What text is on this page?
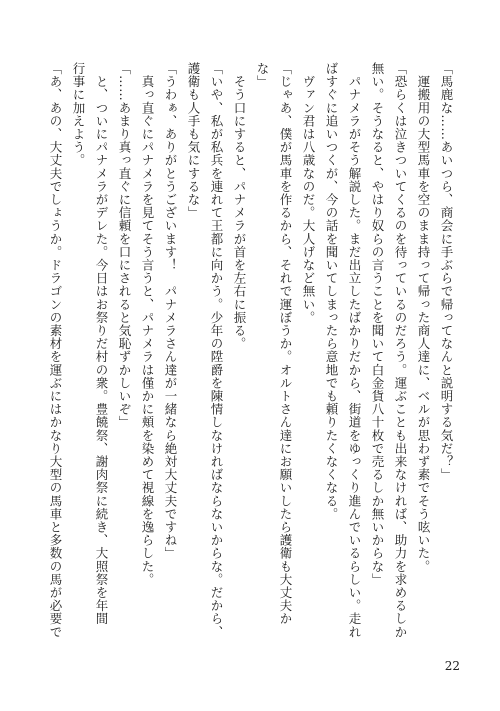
「馬鹿な……あいつら、商会に手ぶらで帰ってなんと説明する気だ？」
　運搬用の大型馬車を空のまま持って帰った商人達に、ベルが思わず素でそう呟いた。
「恐らくは泣きついてくるのを待っているのだろう。運ぶことも出来なければ、助力を求めるしか
無い。そうなると、やはり奴らの言うことを聞いて白金貨八十枚で売るしか無いからな」
　パナメラがそう解説した。まだ出立したばかりだから、街道をゆっくり進んでいるらしい。走れ
ばすぐに追いつくが、今の話を聞いてしまったら意地でも頼りたくなくなる。
　ヴァン君は八歳なのだ。大人げなど無い。
「じゃあ、僕が馬車を作るから、それで運ぼうか。オルトさん達にお願いしたら護衛も大丈夫か
な」
　そう口にすると、パナメラが首を左右に振る。
「いや、私が私兵を連れて王都に向かう。少年の陞爵を陳情しなければならないからな。だから、
護衛も人手も気にするな」
「うわぁ、ありがとうございます！　パナメラさん達が一緒なら絶対大丈夫ですね」
　真っ直ぐにパナメラを見てそう言うと、パナメラは僅かに頬を染めて視線を逸らした。
「……あまり真っ直ぐに信頼を口にされると気恥ずかしいぞ」
　と、ついにパナメラがデレた。今日はお祭りだ村の衆。豊饒祭、謝肉祭に続き、大照祭を年間
行事に加えよう。
「あ、あの、大丈夫でしょうか。ドラゴンの素材を運ぶにはかなり大型の馬車と多数の馬が必要で
22
